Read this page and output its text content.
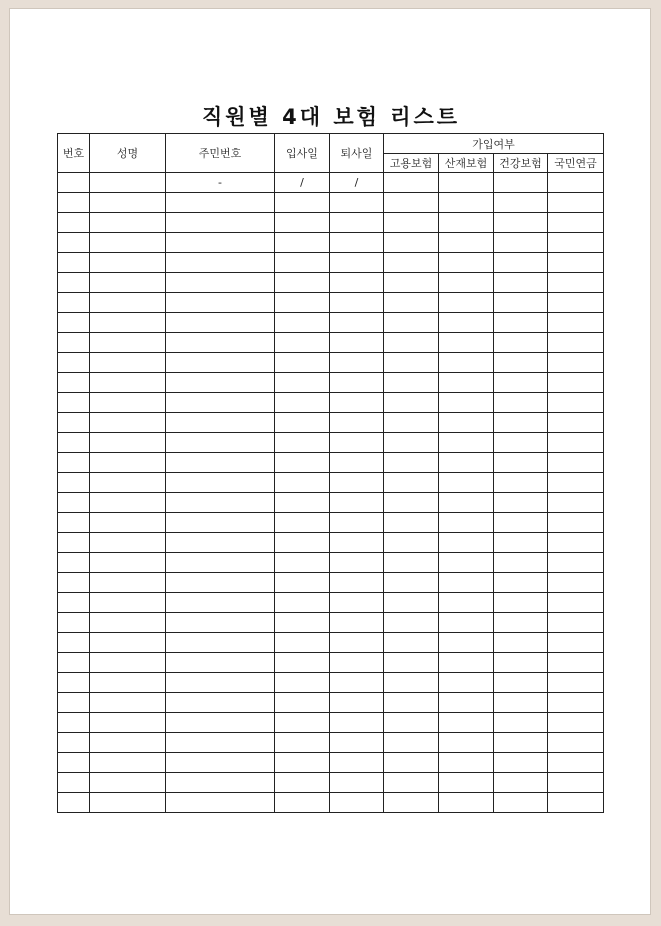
직원별 4대 보험 리스트
번호	성명	주민번호	입사일	퇴사일	가입여부			
					고용보험	산재보험	건강보험	국민연금
		-	/	/				
